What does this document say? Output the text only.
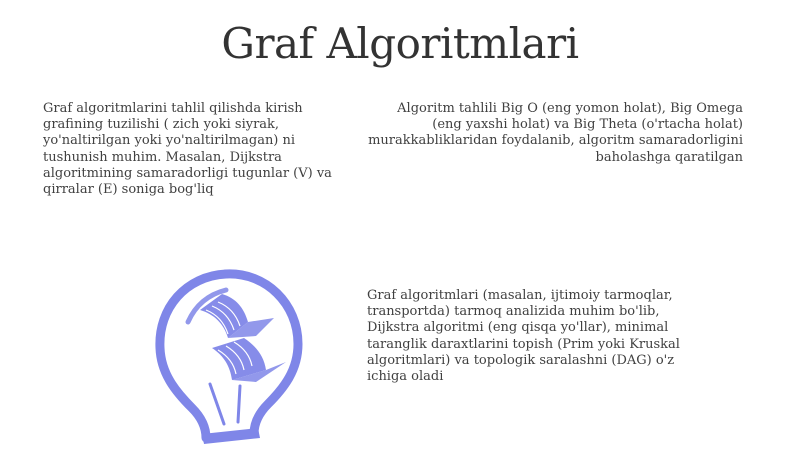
Graf Algoritmlari

Graf algoritmlarini tahlil qilishda kirish grafining tuzilishi ( zich yoki siyrak, yo'naltirilgan yoki yo'naltirilmagan) ni tushunish muhim. Masalan, Dijkstra algoritmining samaradorligi tugunlar (V) va qirralar (E) soniga bog'liq

Algoritm tahlili Big O (eng yomon holat), Big Omega (eng yaxshi holat) va Big Theta (o'rtacha holat) murakkabliklaridan foydalanib, algoritm samaradorligini baholashga qaratilgan

Graf algoritmlari (masalan, ijtimoiy tarmoqlar, transportda) tarmoq analizida muhim bo'lib, Dijkstra algoritmi (eng qisqa yo'llar), minimal taranglik daraxtlarini topish (Prim yoki Kruskal algoritmlari) va topologik saralashni (DAG) o'z ichiga oladi
